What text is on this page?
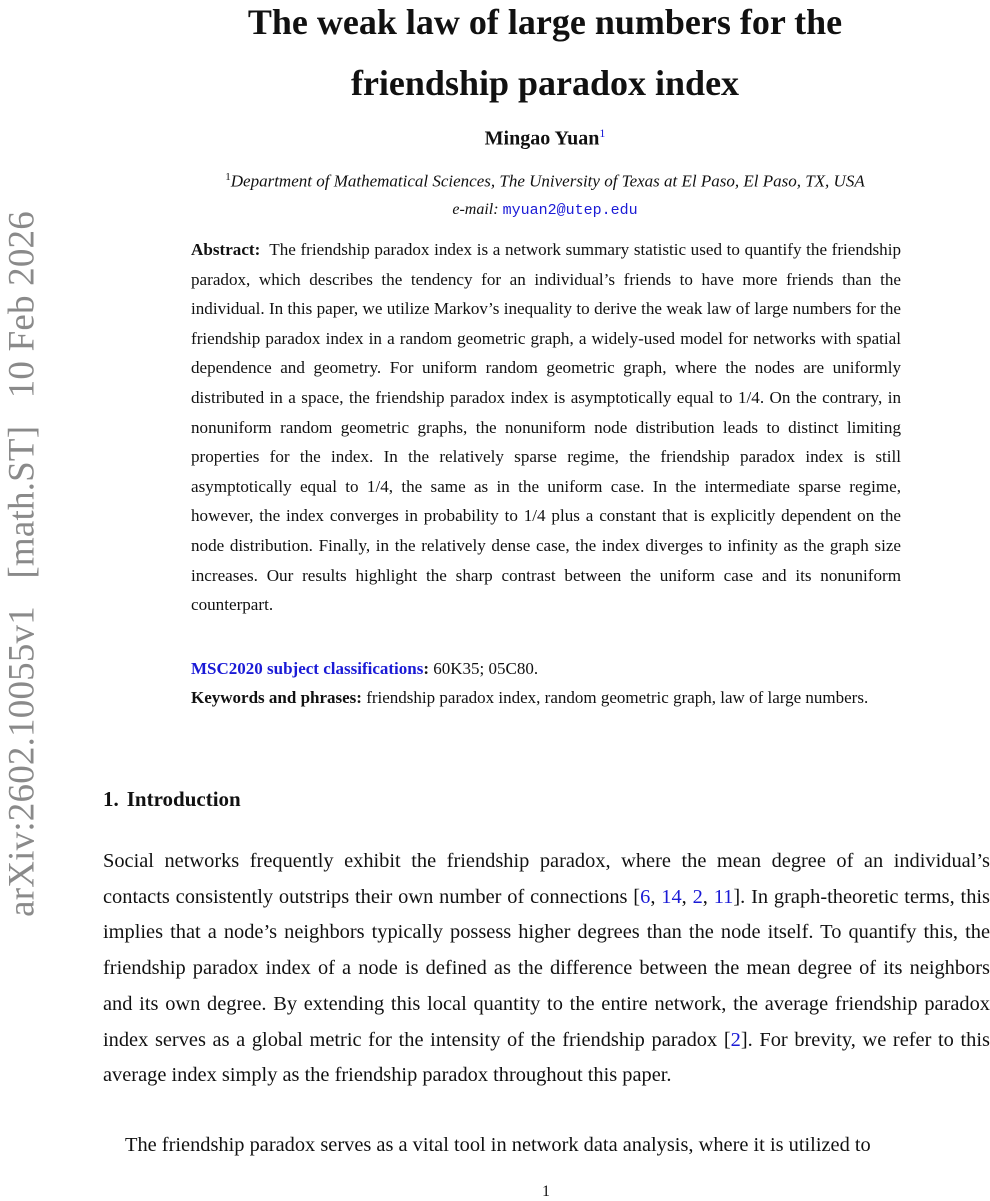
arXiv:2602.10055v1 [math.ST] 10 Feb 2026
The weak law of large numbers for the
friendship paradox index
Mingao Yuan$^1$
$^1$Department of Mathematical Sciences, The University of Texas at El Paso, El Paso, TX, USA
e-mail: myuan2@utep.edu

Abstract: The friendship paradox index is a network summary statistic used to quantify the friendship paradox, which describes the tendency for an individual’s friends to have more friends than the individual. In this paper, we utilize Markov’s inequality to derive the weak law of large numbers for the friendship paradox index in a random geometric graph, a widely-used model for networks with spatial dependence and geometry. For uniform random geometric graph, where the nodes are uniformly distributed in a space, the friendship paradox index is asymptotically equal to 1/4. On the contrary, in nonuniform random geometric graphs, the nonuniform node distribution leads to distinct limiting properties for the index. In the relatively sparse regime, the friendship paradox index is still asymptotically equal to 1/4, the same as in the uniform case. In the intermediate sparse regime, however, the index converges in probability to 1/4 plus a constant that is explicitly dependent on the node distribution. Finally, in the relatively dense case, the index diverges to infinity as the graph size increases. Our results highlight the sharp contrast between the uniform case and its nonuniform counterpart.

MSC2020 subject classifications: 60K35; 05C80.
Keywords and phrases: friendship paradox index, random geometric graph, law of large numbers.
1. Introduction

Social networks frequently exhibit the friendship paradox, where the mean degree of an individual’s contacts consistently outstrips their own number of connections [6, 14, 2, 11]. In graph-theoretic terms, this implies that a node’s neighbors typically possess higher degrees than the node itself. To quantify this, the friendship paradox index of a node is defined as the difference between the mean degree of its neighbors and its own degree. By extending this local quantity to the entire network, the average friendship paradox index serves as a global metric for the intensity of the friendship paradox [2]. For brevity, we refer to this average index simply as the friendship paradox throughout this paper.

The friendship paradox serves as a vital tool in network data analysis, where it is utilized to

1
